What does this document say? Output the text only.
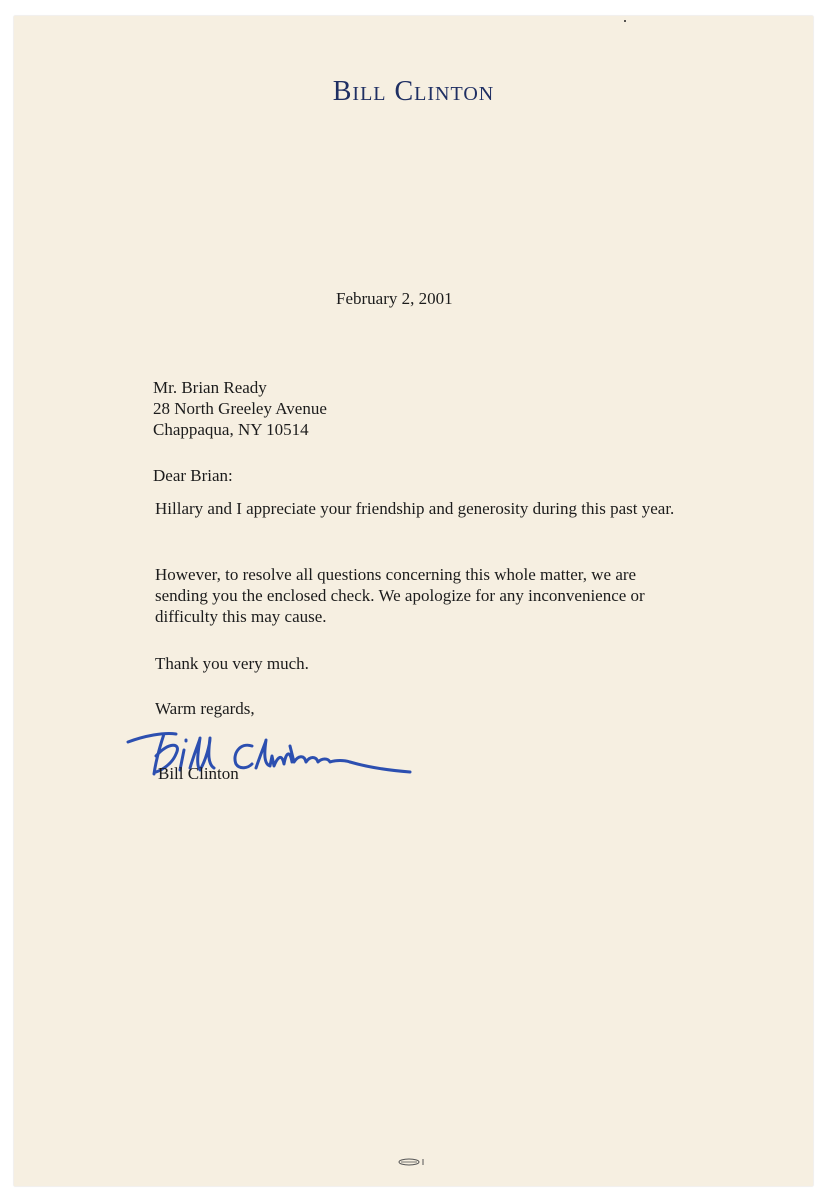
Bill Clinton
February 2, 2001
Mr. Brian Ready
28 North Greeley Avenue
Chappaqua, NY 10514
Dear Brian:

Hillary and I appreciate your friendship and generosity during this past year.

However, to resolve all questions concerning this whole matter, we are sending you the enclosed check. We apologize for any inconvenience or difficulty this may cause.

Thank you very much.
Warm regards,
Bill Clinton
